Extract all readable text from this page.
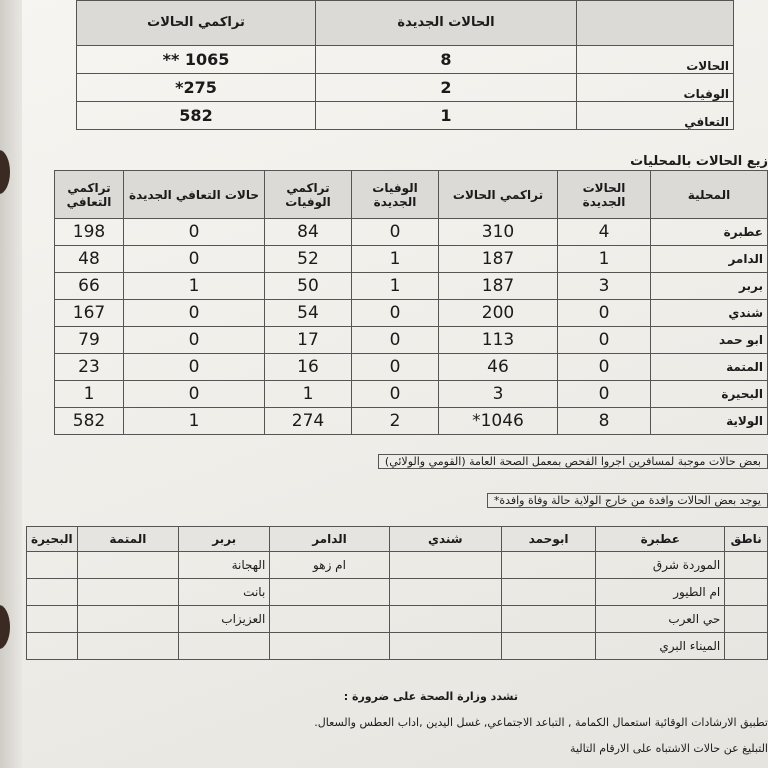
	الحالات الجديدة	تراكمي الحالات
الحالات	8	1065 **
الوفيات	2	275*
التعافي	1	582
زيع الحالات بالمحليات
المحلية	الحالات الجديدة	تراكمي الحالات	الوفيات الجديدة	تراكمي الوفيات	حالات التعافي الجديدة	تراكمي التعافي
عطبرة	4	310	0	84	0	198
الدامر	1	187	1	52	0	48
بربر	3	187	1	50	1	66
شندي	0	200	0	54	0	167
ابو حمد	0	113	0	17	0	79
المتمة	0	46	0	16	0	23
البحيرة	0	3	0	1	0	1
الولاية	8	1046*	2	274	1	582
بعض حالات موجبة لمسافرين اجروا الفحص بمعمل الصحة العامة (القومي والولائي)
يوجد بعض الحالات وافدة من خارج الولاية حالة وفاة وافدة*
ناطق	عطبرة	ابوحمد	شندي	الدامر	بربر	المتمة	البحيرة
	الموردة شرق			ام زهو	الهجانة		
	ام الطيور				بانت		
	حي العرب				العزيزاب		
	الميناء البري						
تشدد وزارة الصحة على ضرورة :
تطبيق الارشادات الوقائية استعمال الكمامة , التباعد الاجتماعي, غسل اليدين ,اداب العطس والسعال.
التبليغ عن حالات الاشتباه على الارقام التالية
